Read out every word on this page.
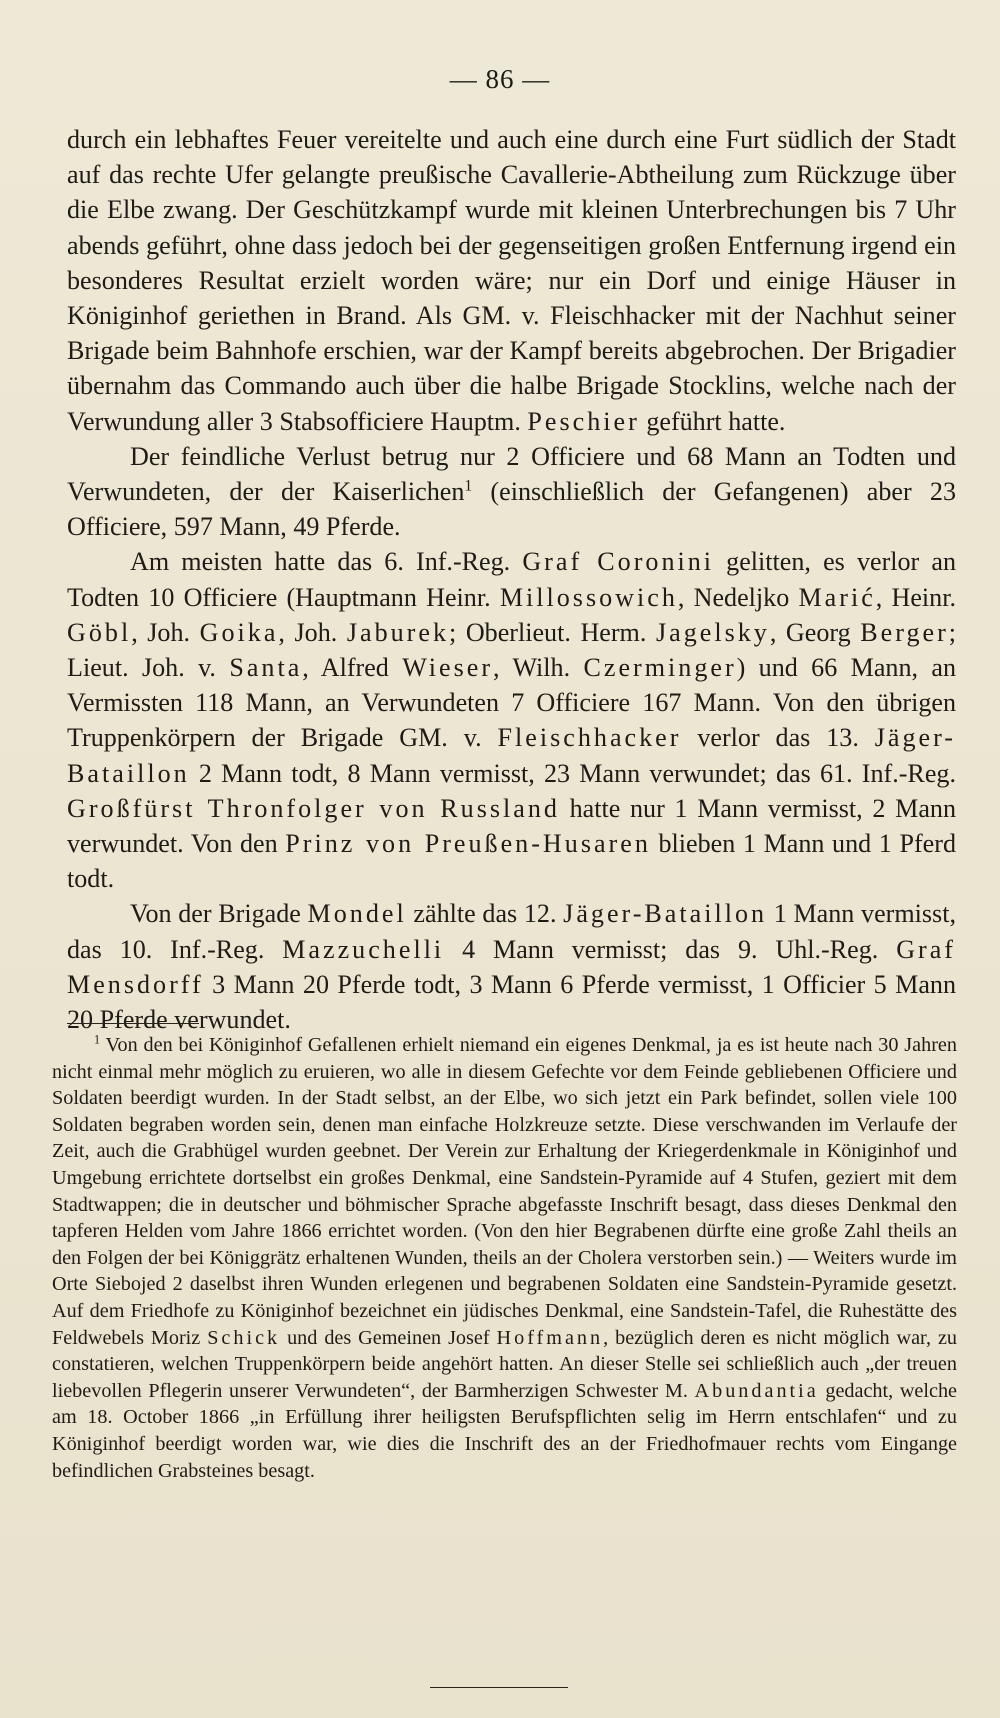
— 86 —

durch ein lebhaftes Feuer vereitelte und auch eine durch eine Furt südlich der Stadt auf das rechte Ufer gelangte preußische Cavallerie-Abtheilung zum Rückzuge über die Elbe zwang. Der Geschützkampf wurde mit kleinen Unterbrechungen bis 7 Uhr abends geführt, ohne dass jedoch bei der gegenseitigen großen Entfernung irgend ein besonderes Resultat erzielt worden wäre; nur ein Dorf und einige Häuser in Königinhof geriethen in Brand. Als GM. v. Fleischhacker mit der Nachhut seiner Brigade beim Bahnhofe erschien, war der Kampf bereits abgebrochen. Der Brigadier übernahm das Commando auch über die halbe Brigade Stocklins, welche nach der Verwundung aller 3 Stabsofficiere Hauptm. Peschier geführt hatte.

Der feindliche Verlust betrug nur 2 Officiere und 68 Mann an Todten und Verwundeten, der der Kaiserlichen$^1$ (einschließlich der Gefangenen) aber 23 Officiere, 597 Mann, 49 Pferde.

Am meisten hatte das 6. Inf.-Reg. Graf Coronini gelitten, es verlor an Todten 10 Officiere (Hauptmann Heinr. Millossowich, Nedeljko Marić, Heinr. Göbl, Joh. Goika, Joh. Jaburek; Oberlieut. Herm. Jagelsky, Georg Berger; Lieut. Joh. v. Santa, Alfred Wieser, Wilh. Czerminger) und 66 Mann, an Vermissten 118 Mann, an Verwundeten 7 Officiere 167 Mann. Von den übrigen Truppenkörpern der Brigade GM. v. Fleischhacker verlor das 13. Jäger-Bataillon 2 Mann todt, 8 Mann vermisst, 23 Mann verwundet; das 61. Inf.-Reg. Großfürst Thronfolger von Russland hatte nur 1 Mann vermisst, 2 Mann verwundet. Von den Prinz von Preußen-Husaren blieben 1 Mann und 1 Pferd todt.

Von der Brigade Mondel zählte das 12. Jäger-Bataillon 1 Mann vermisst, das 10. Inf.-Reg. Mazzuchelli 4 Mann vermisst; das 9. Uhl.-Reg. Graf Mensdorff 3 Mann 20 Pferde todt, 3 Mann 6 Pferde vermisst, 1 Officier 5 Mann 20 Pferde verwundet.

$^1$ Von den bei Königinhof Gefallenen erhielt niemand ein eigenes Denkmal, ja es ist heute nach 30 Jahren nicht einmal mehr möglich zu eruieren, wo alle in diesem Gefechte vor dem Feinde gebliebenen Officiere und Soldaten beerdigt wurden. In der Stadt selbst, an der Elbe, wo sich jetzt ein Park befindet, sollen viele 100 Soldaten begraben worden sein, denen man einfache Holzkreuze setzte. Diese verschwanden im Verlaufe der Zeit, auch die Grabhügel wurden geebnet. Der Verein zur Erhaltung der Kriegerdenkmale in Königinhof und Umgebung errichtete dortselbst ein großes Denkmal, eine Sandstein-Pyramide auf 4 Stufen, geziert mit dem Stadtwappen; die in deutscher und böhmischer Sprache abgefasste Inschrift besagt, dass dieses Denkmal den tapferen Helden vom Jahre 1866 errichtet worden. (Von den hier Begrabenen dürfte eine große Zahl theils an den Folgen der bei Königgrätz erhaltenen Wunden, theils an der Cholera verstorben sein.) — Weiters wurde im Orte Siebojed 2 daselbst ihren Wunden erlegenen und begrabenen Soldaten eine Sandstein-Pyramide gesetzt. Auf dem Friedhofe zu Königinhof bezeichnet ein jüdisches Denkmal, eine Sandstein-Tafel, die Ruhestätte des Feldwebels Moriz Schick und des Gemeinen Josef Hoffmann, bezüglich deren es nicht möglich war, zu constatieren, welchen Truppenkörpern beide angehört hatten. An dieser Stelle sei schließlich auch „der treuen liebevollen Pflegerin unserer Verwundeten“, der Barmherzigen Schwester M. Abundantia gedacht, welche am 18. October 1866 „in Erfüllung ihrer heiligsten Berufspflichten selig im Herrn entschlafen“ und zu Königinhof beerdigt worden war, wie dies die Inschrift des an der Friedhofmauer rechts vom Eingange befindlichen Grabsteines besagt.
